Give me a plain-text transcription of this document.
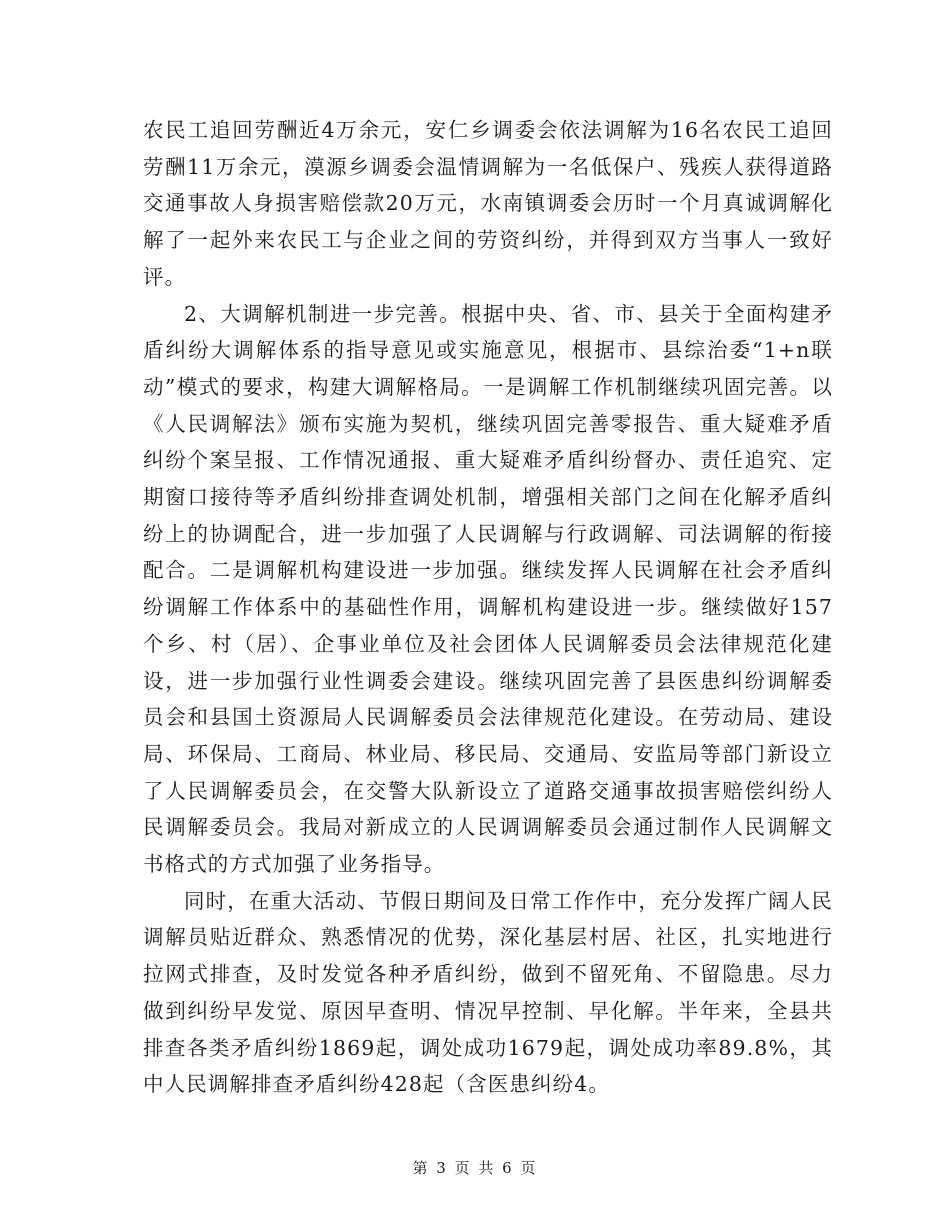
农民工追回劳酬近4万余元，安仁乡调委会依法调解为16名农民工追回劳酬11万余元，漠源乡调委会温情调解为一名低保户、残疾人获得道路交通事故人身损害赔偿款20万元，水南镇调委会历时一个月真诚调解化解了一起外来农民工与企业之间的劳资纠纷，并得到双方当事人一致好评。

2、大调解机制进一步完善。根据中央、省、市、县关于全面构建矛盾纠纷大调解体系的指导意见或实施意见，根据市、县综治委“1+n联动”模式的要求，构建大调解格局。一是调解工作机制继续巩固完善。以《人民调解法》颁布实施为契机，继续巩固完善零报告、重大疑难矛盾纠纷个案呈报、工作情况通报、重大疑难矛盾纠纷督办、责任追究、定期窗口接待等矛盾纠纷排查调处机制，增强相关部门之间在化解矛盾纠纷上的协调配合，进一步加强了人民调解与行政调解、司法调解的衔接配合。二是调解机构建设进一步加强。继续发挥人民调解在社会矛盾纠纷调解工作体系中的基础性作用，调解机构建设进一步。继续做好157个乡、村（居）、企事业单位及社会团体人民调解委员会法律规范化建设，进一步加强行业性调委会建设。继续巩固完善了县医患纠纷调解委员会和县国土资源局人民调解委员会法律规范化建设。在劳动局、建设局、环保局、工商局、林业局、移民局、交通局、安监局等部门新设立了人民调解委员会，在交警大队新设立了道路交通事故损害赔偿纠纷人民调解委员会。我局对新成立的人民调调解委员会通过制作人民调解文书格式的方式加强了业务指导。

同时，在重大活动、节假日期间及日常工作作中，充分发挥广阔人民调解员贴近群众、熟悉情况的优势，深化基层村居、社区，扎实地进行拉网式排查，及时发觉各种矛盾纠纷，做到不留死角、不留隐患。尽力做到纠纷早发觉、原因早查明、情况早控制、早化解。半年来，全县共排查各类矛盾纠纷1869起，调处成功1679起，调处成功率89.8%，其中人民调解排查矛盾纠纷428起（含医患纠纷4。

第 3 页 共 6 页
